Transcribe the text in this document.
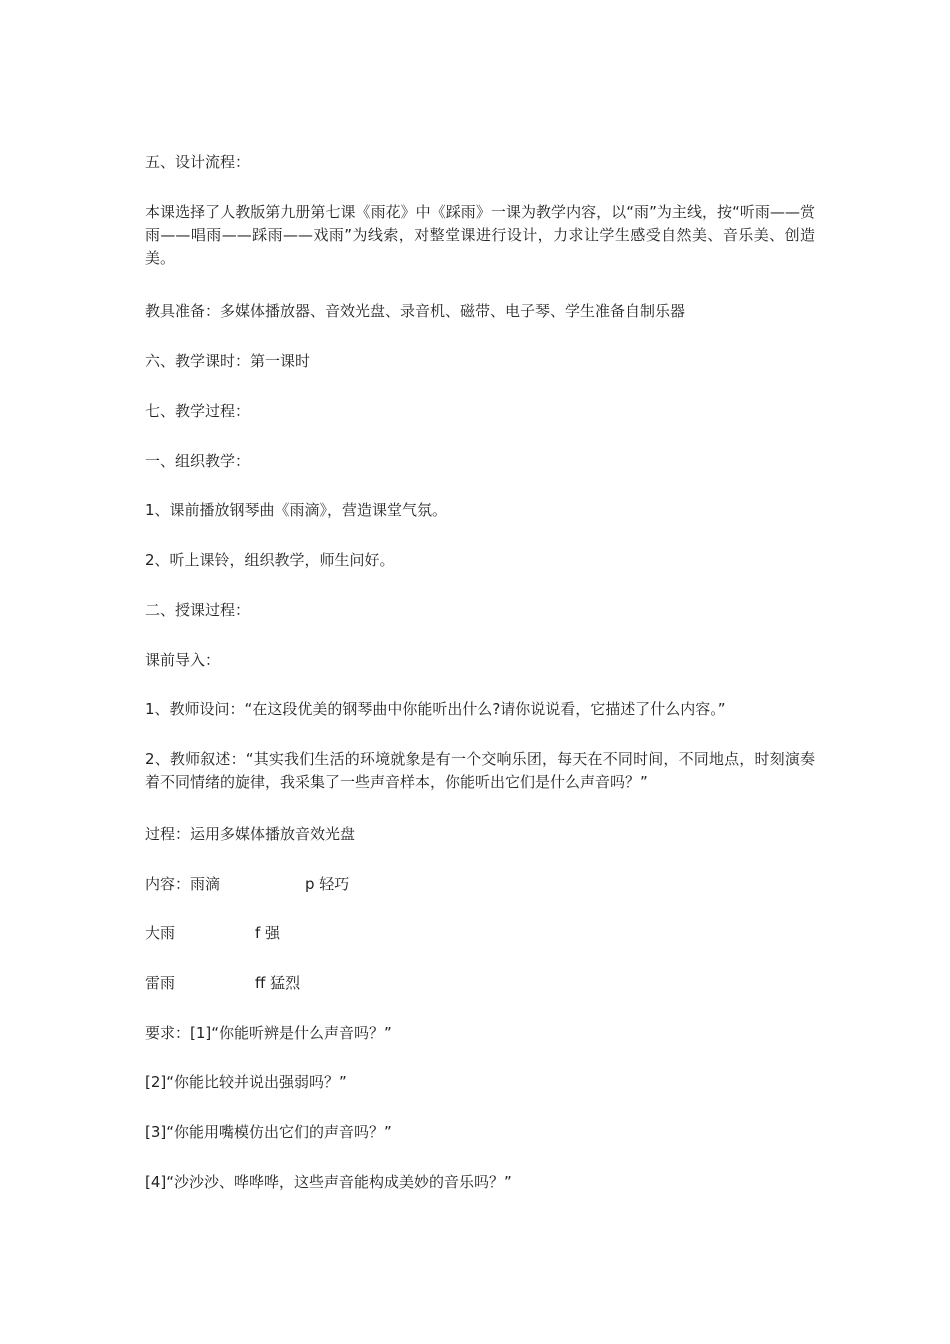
五、设计流程：

本课选择了人教版第九册第七课《雨花》中《踩雨》一课为教学内容，以“雨”为主线，按“听雨——赏雨——唱雨——踩雨——戏雨”为线索，对整堂课进行设计，力求让学生感受自然美、音乐美、创造美。

教具准备：多媒体播放器、音效光盘、录音机、磁带、电子琴、学生准备自制乐器

六、教学课时：第一课时

七、教学过程：

一、组织教学：

1、课前播放钢琴曲《雨滴》，营造课堂气氛。

2、听上课铃，组织教学，师生问好。

二、授课过程：

课前导入：

1、教师设问：“在这段优美的钢琴曲中你能听出什么?请你说说看，它描述了什么内容。”

2、教师叙述：“其实我们生活的环境就象是有一个交响乐团，每天在不同时间，不同地点，时刻演奏着不同情绪的旋律，我采集了一些声音样本，你能听出它们是什么声音吗？”

过程：运用多媒体播放音效光盘

内容：雨滴	p 轻巧

大雨	f 强

雷雨	ff 猛烈

要求：[1]“你能听辨是什么声音吗？”

[2]“你能比较并说出强弱吗？”

[3]“你能用嘴模仿出它们的声音吗？”

[4]“沙沙沙、哗哗哗，这些声音能构成美妙的音乐吗？”
